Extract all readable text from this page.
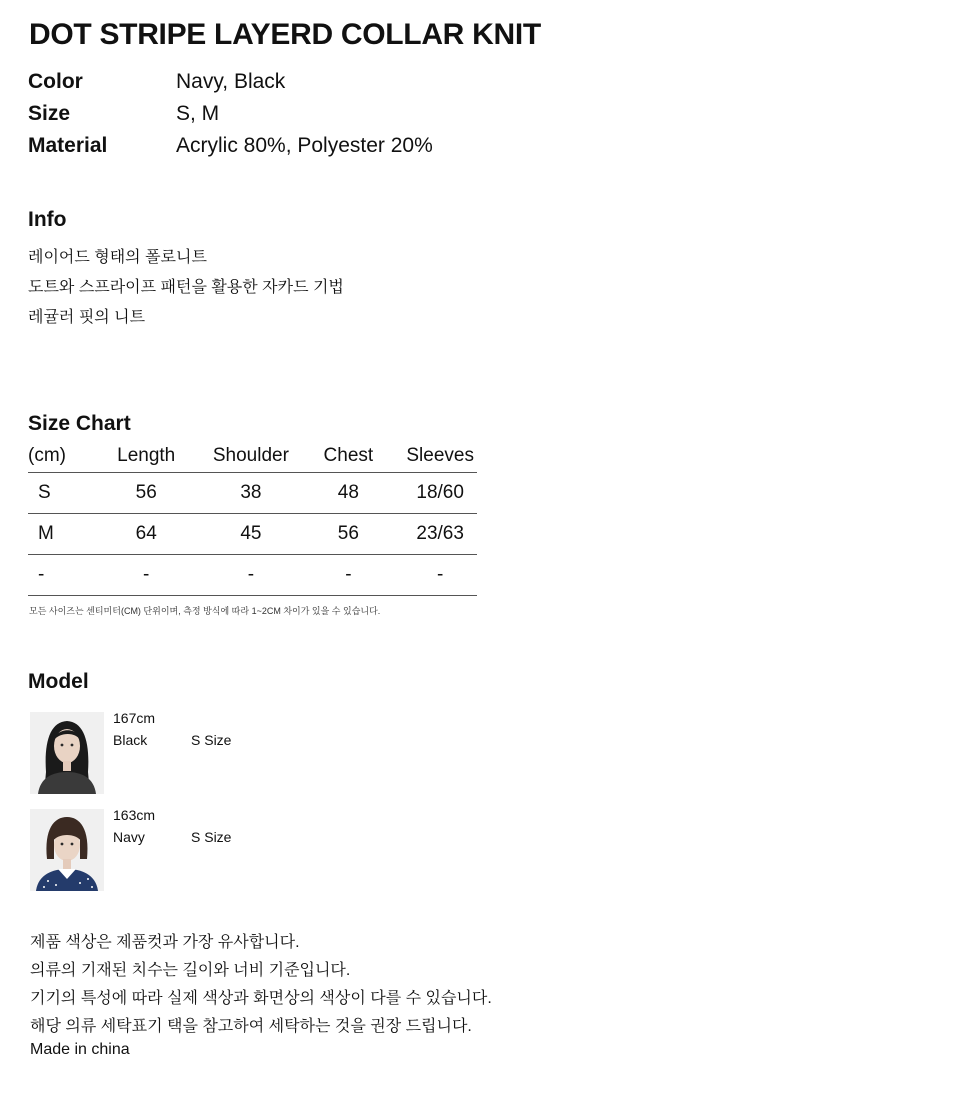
DOT STRIPE LAYERD COLLAR KNIT
Color	Navy, Black
Size	S, M
Material	Acrylic 80%, Polyester 20%
Info
레이어드 형태의 폴로니트
도트와 스프라이프 패턴을 활용한 자카드 기법
레귤러 핏의 니트
Size Chart
(cm)	Length	Shoulder	Chest	Sleeves
S	56	38	48	18/60
M	64	45	56	23/63
-	-	-	-	-
모든 사이즈는 센티미터(CM) 단위이며, 측정 방식에 따라 1~2CM 차이가 있을 수 있습니다.
Model
167cm
Black	S Size
163cm
Navy	S Size
제품 색상은 제품컷과 가장 유사합니다.
의류의 기재된 치수는 길이와 너비 기준입니다.
기기의 특성에 따라 실제 색상과 화면상의 색상이 다를 수 있습니다.
해당 의류 세탁표기 택을 참고하여 세탁하는 것을 권장 드립니다.
Made in china
